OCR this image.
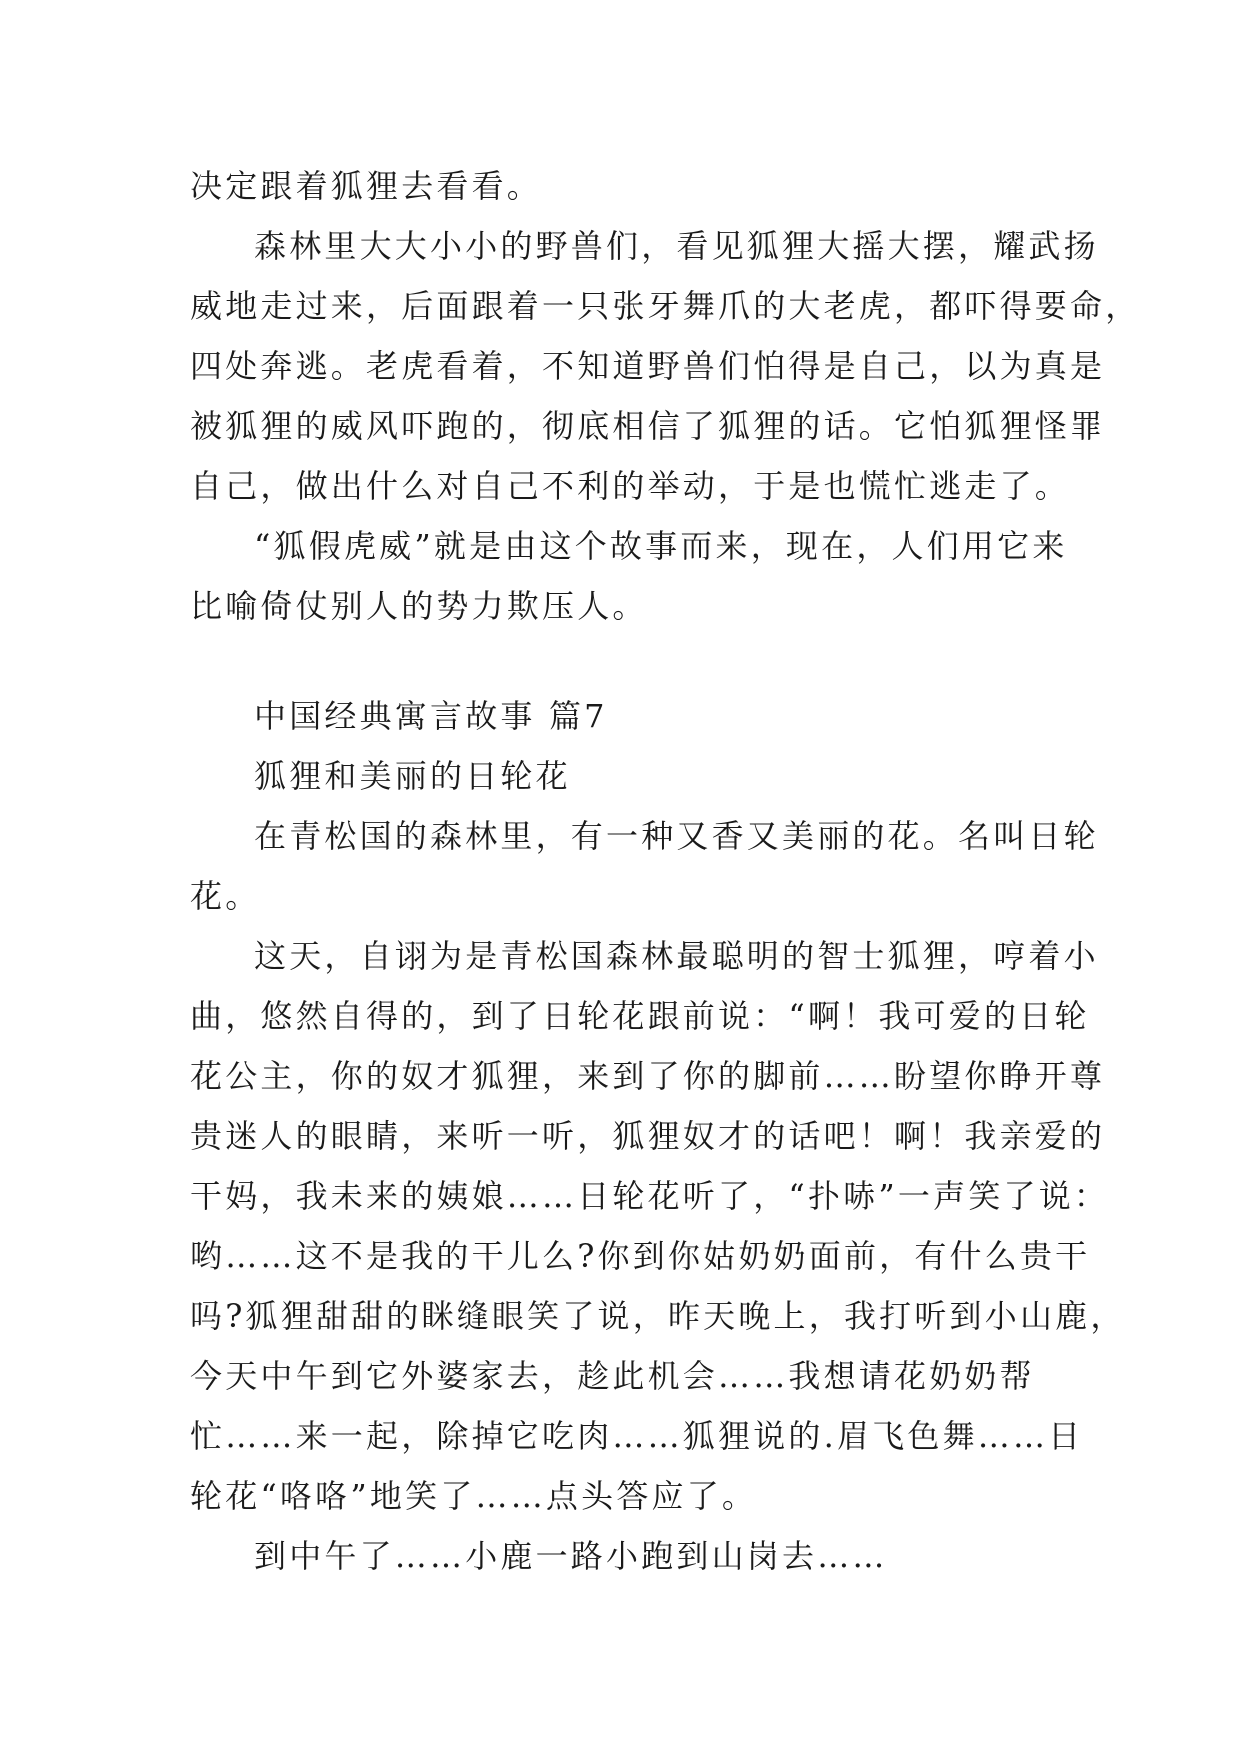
决定跟着狐狸去看看。
森林里大大小小的野兽们，看见狐狸大摇大摆，耀武扬
威地走过来，后面跟着一只张牙舞爪的大老虎，都吓得要命，
四处奔逃。老虎看着，不知道野兽们怕得是自己，以为真是
被狐狸的威风吓跑的，彻底相信了狐狸的话。它怕狐狸怪罪
自己，做出什么对自己不利的举动，于是也慌忙逃走了。
“狐假虎威”就是由这个故事而来，现在，人们用它来
比喻倚仗别人的势力欺压人。
中国经典寓言故事 篇7
狐狸和美丽的日轮花
在青松国的森林里，有一种又香又美丽的花。名叫日轮
花。
这天，自诩为是青松国森林最聪明的智士狐狸，哼着小
曲，悠然自得的，到了日轮花跟前说：“啊！我可爱的日轮
花公主，你的奴才狐狸，来到了你的脚前……盼望你睁开尊
贵迷人的眼睛，来听一听，狐狸奴才的话吧！啊！我亲爱的
干妈，我未来的姨娘……日轮花听了，“扑哧”一声笑了说：
哟……这不是我的干儿么?你到你姑奶奶面前，有什么贵干
吗?狐狸甜甜的眯缝眼笑了说，昨天晚上，我打听到小山鹿，
今天中午到它外婆家去，趁此机会……我想请花奶奶帮
忙……来一起，除掉它吃肉……狐狸说的.眉飞色舞……日
轮花“咯咯”地笑了……点头答应了。
到中午了……小鹿一路小跑到山岗去……
